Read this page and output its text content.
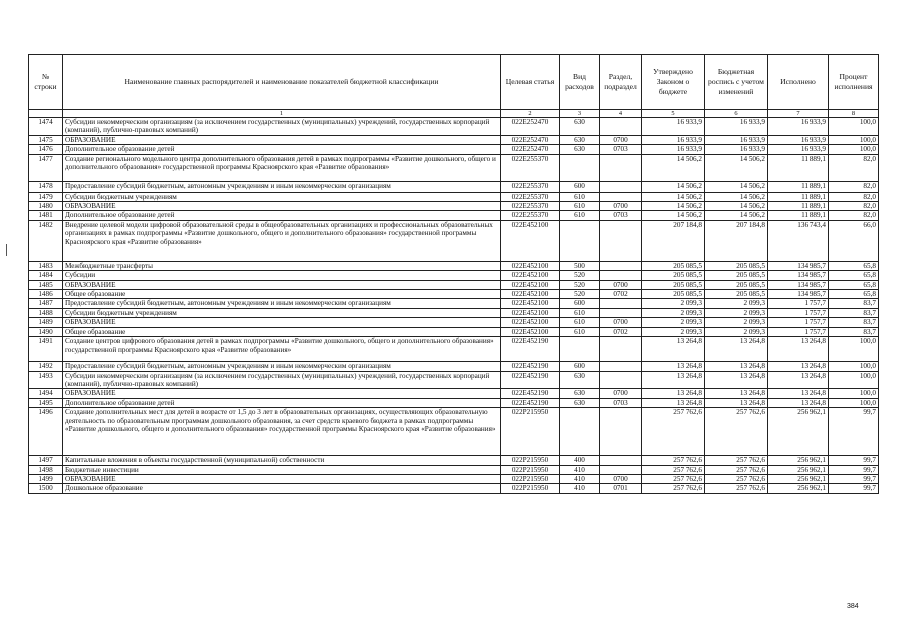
№ строки	Наименование главных распорядителей и наименование показателей бюджетной классификации	Целевая статья	Вид расходов	Раздел, подраздел	Утверждено Законом о бюджете	Бюджетная роспись с учетом изменений	Исполнено	Процент исполнения
	1	2	3	4	5	6	7	8
1474	Субсидии некоммерческим организациям (за исключением государственных (муниципальных) учреждений, государственных корпораций (компаний), публично-правовых компаний)	022Е252470	630		16 933,9	16 933,9	16 933,9	100,0
1475	ОБРАЗОВАНИЕ	022Е252470	630	0700	16 933,9	16 933,9	16 933,9	100,0
1476	Дополнительное образование детей	022Е252470	630	0703	16 933,9	16 933,9	16 933,9	100,0
1477	Создание регионального модельного центра дополнительного образования детей в рамках подпрограммы «Развитие дошкольного, общего и дополнительного образования» государственной программы Красноярского края «Развитие образования»	022Е255370			14 506,2	14 506,2	11 889,1	82,0
1478	Предоставление субсидий бюджетным, автономным учреждениям и иным некоммерческим организациям	022Е255370	600		14 506,2	14 506,2	11 889,1	82,0
1479	Субсидии бюджетным учреждениям	022Е255370	610		14 506,2	14 506,2	11 889,1	82,0
1480	ОБРАЗОВАНИЕ	022Е255370	610	0700	14 506,2	14 506,2	11 889,1	82,0
1481	Дополнительное образование детей	022Е255370	610	0703	14 506,2	14 506,2	11 889,1	82,0
1482	Внедрение целевой модели цифровой образовательной среды в общеобразовательных организациях и профессиональных образовательных организациях в рамках подпрограммы «Развитие дошкольного, общего и дополнительного образования» государственной программы Красноярского края «Развитие образования»	022Е452100			207 184,8	207 184,8	136 743,4	66,0
1483	Межбюджетные трансферты	022Е452100	500		205 085,5	205 085,5	134 985,7	65,8
1484	Субсидии	022Е452100	520		205 085,5	205 085,5	134 985,7	65,8
1485	ОБРАЗОВАНИЕ	022Е452100	520	0700	205 085,5	205 085,5	134 985,7	65,8
1486	Общее образование	022Е452100	520	0702	205 085,5	205 085,5	134 985,7	65,8
1487	Предоставление субсидий бюджетным, автономным учреждениям и иным некоммерческим организациям	022Е452100	600		2 099,3	2 099,3	1 757,7	83,7
1488	Субсидии бюджетным учреждениям	022Е452100	610		2 099,3	2 099,3	1 757,7	83,7
1489	ОБРАЗОВАНИЕ	022Е452100	610	0700	2 099,3	2 099,3	1 757,7	83,7
1490	Общее образование	022Е452100	610	0702	2 099,3	2 099,3	1 757,7	83,7
1491	Создание центров цифрового образования детей в рамках подпрограммы «Развитие дошкольного, общего и дополнительного образования» государственной программы Красноярского края «Развитие образования»	022Е452190			13 264,8	13 264,8	13 264,8	100,0
1492	Предоставление субсидий бюджетным, автономным учреждениям и иным некоммерческим организациям	022Е452190	600		13 264,8	13 264,8	13 264,8	100,0
1493	Субсидии некоммерческим организациям (за исключением государственных (муниципальных) учреждений, государственных корпораций (компаний), публично-правовых компаний)	022Е452190	630		13 264,8	13 264,8	13 264,8	100,0
1494	ОБРАЗОВАНИЕ	022Е452190	630	0700	13 264,8	13 264,8	13 264,8	100,0
1495	Дополнительное образование детей	022Е452190	630	0703	13 264,8	13 264,8	13 264,8	100,0
1496	Создание дополнительных мест для детей в возрасте от 1,5 до 3 лет в образовательных организациях, осуществляющих образовательную деятельность по образовательным программам дошкольного образования, за счет средств краевого бюджета в рамках подпрограммы «Развитие дошкольного, общего и дополнительного образования» государственной программы Красноярского края «Развитие образования»	022Р215950			257 762,6	257 762,6	256 962,1	99,7
1497	Капитальные вложения в объекты государственной (муниципальной) собственности	022Р215950	400		257 762,6	257 762,6	256 962,1	99,7
1498	Бюджетные инвестиции	022Р215950	410		257 762,6	257 762,6	256 962,1	99,7
1499	ОБРАЗОВАНИЕ	022Р215950	410	0700	257 762,6	257 762,6	256 962,1	99,7
1500	Дошкольное образование	022Р215950	410	0701	257 762,6	257 762,6	256 962,1	99,7
384
